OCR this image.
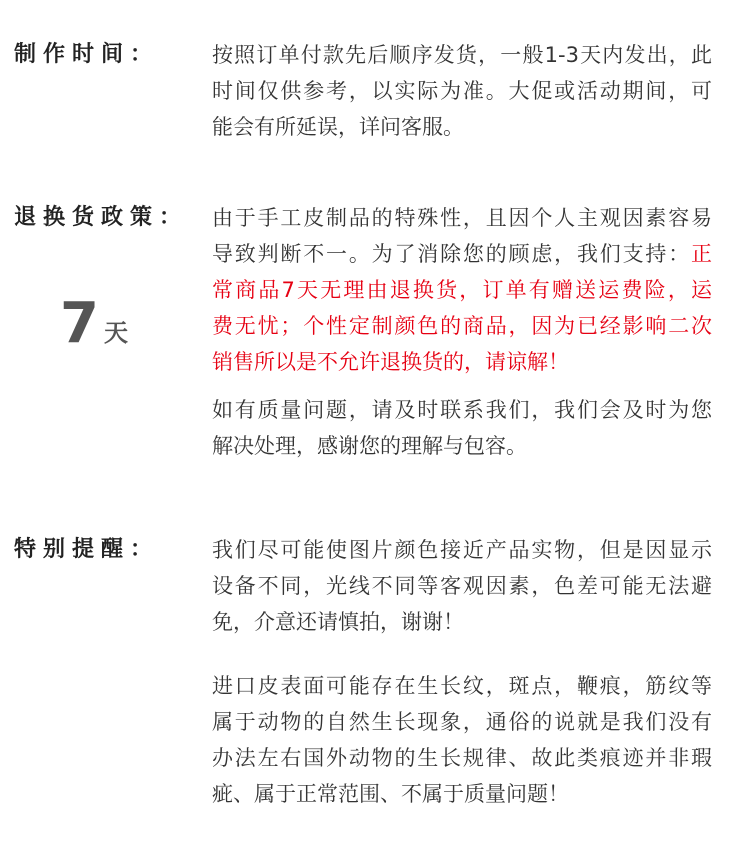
制作时间：	按照订单付款先后顺序发货，一般1-3天内发出，此
时间仅供参考，以实际为准。大促或活动期间，可
能会有所延误，详问客服。
退换货政策：
7 天
由于手工皮制品的特殊性，且因个人主观因素容易
导致判断不一。为了消除您的顾虑，我们支持：正
常商品7天无理由退换货，订单有赠送运费险，运
费无忧；个性定制颜色的商品，因为已经影响二次
销售所以是不允许退换货的，请谅解！
如有质量问题，请及时联系我们，我们会及时为您
解决处理，感谢您的理解与包容。
特别提醒：	我们尽可能使图片颜色接近产品实物，但是因显示
设备不同，光线不同等客观因素，色差可能无法避
免，介意还请慎拍，谢谢！
进口皮表面可能存在生长纹，斑点，鞭痕，筋纹等
属于动物的自然生长现象，通俗的说就是我们没有
办法左右国外动物的生长规律、故此类痕迹并非瑕
疵、属于正常范围、不属于质量问题！
